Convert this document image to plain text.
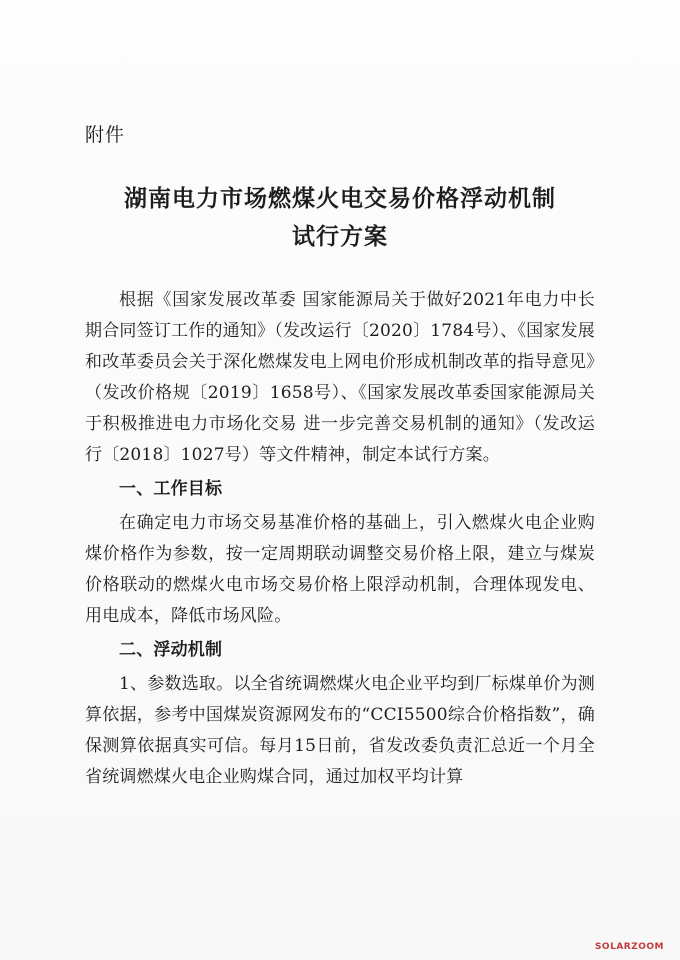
附件
湖南电力市场燃煤火电交易价格浮动机制
试行方案

根据《国家发展改革委 国家能源局关于做好2021年电力中长期合同签订工作的通知》（发改运行〔2020〕1784号）、《国家发展和改革委员会关于深化燃煤发电上网电价形成机制改革的指导意见》（发改价格规〔2019〕1658号）、《国家发展改革委国家能源局关于积极推进电力市场化交易 进一步完善交易机制的通知》（发改运行〔2018〕1027号）等文件精神，制定本试行方案。

一、工作目标

在确定电力市场交易基准价格的基础上，引入燃煤火电企业购煤价格作为参数，按一定周期联动调整交易价格上限，建立与煤炭价格联动的燃煤火电市场交易价格上限浮动机制，合理体现发电、用电成本，降低市场风险。

二、浮动机制

1、参数选取。以全省统调燃煤火电企业平均到厂标煤单价为测算依据，参考中国煤炭资源网发布的“CCI5500综合价格指数”，确保测算依据真实可信。每月15日前，省发改委负责汇总近一个月全省统调燃煤火电企业购煤合同，通过加权平均计算

SOLARZOOM
